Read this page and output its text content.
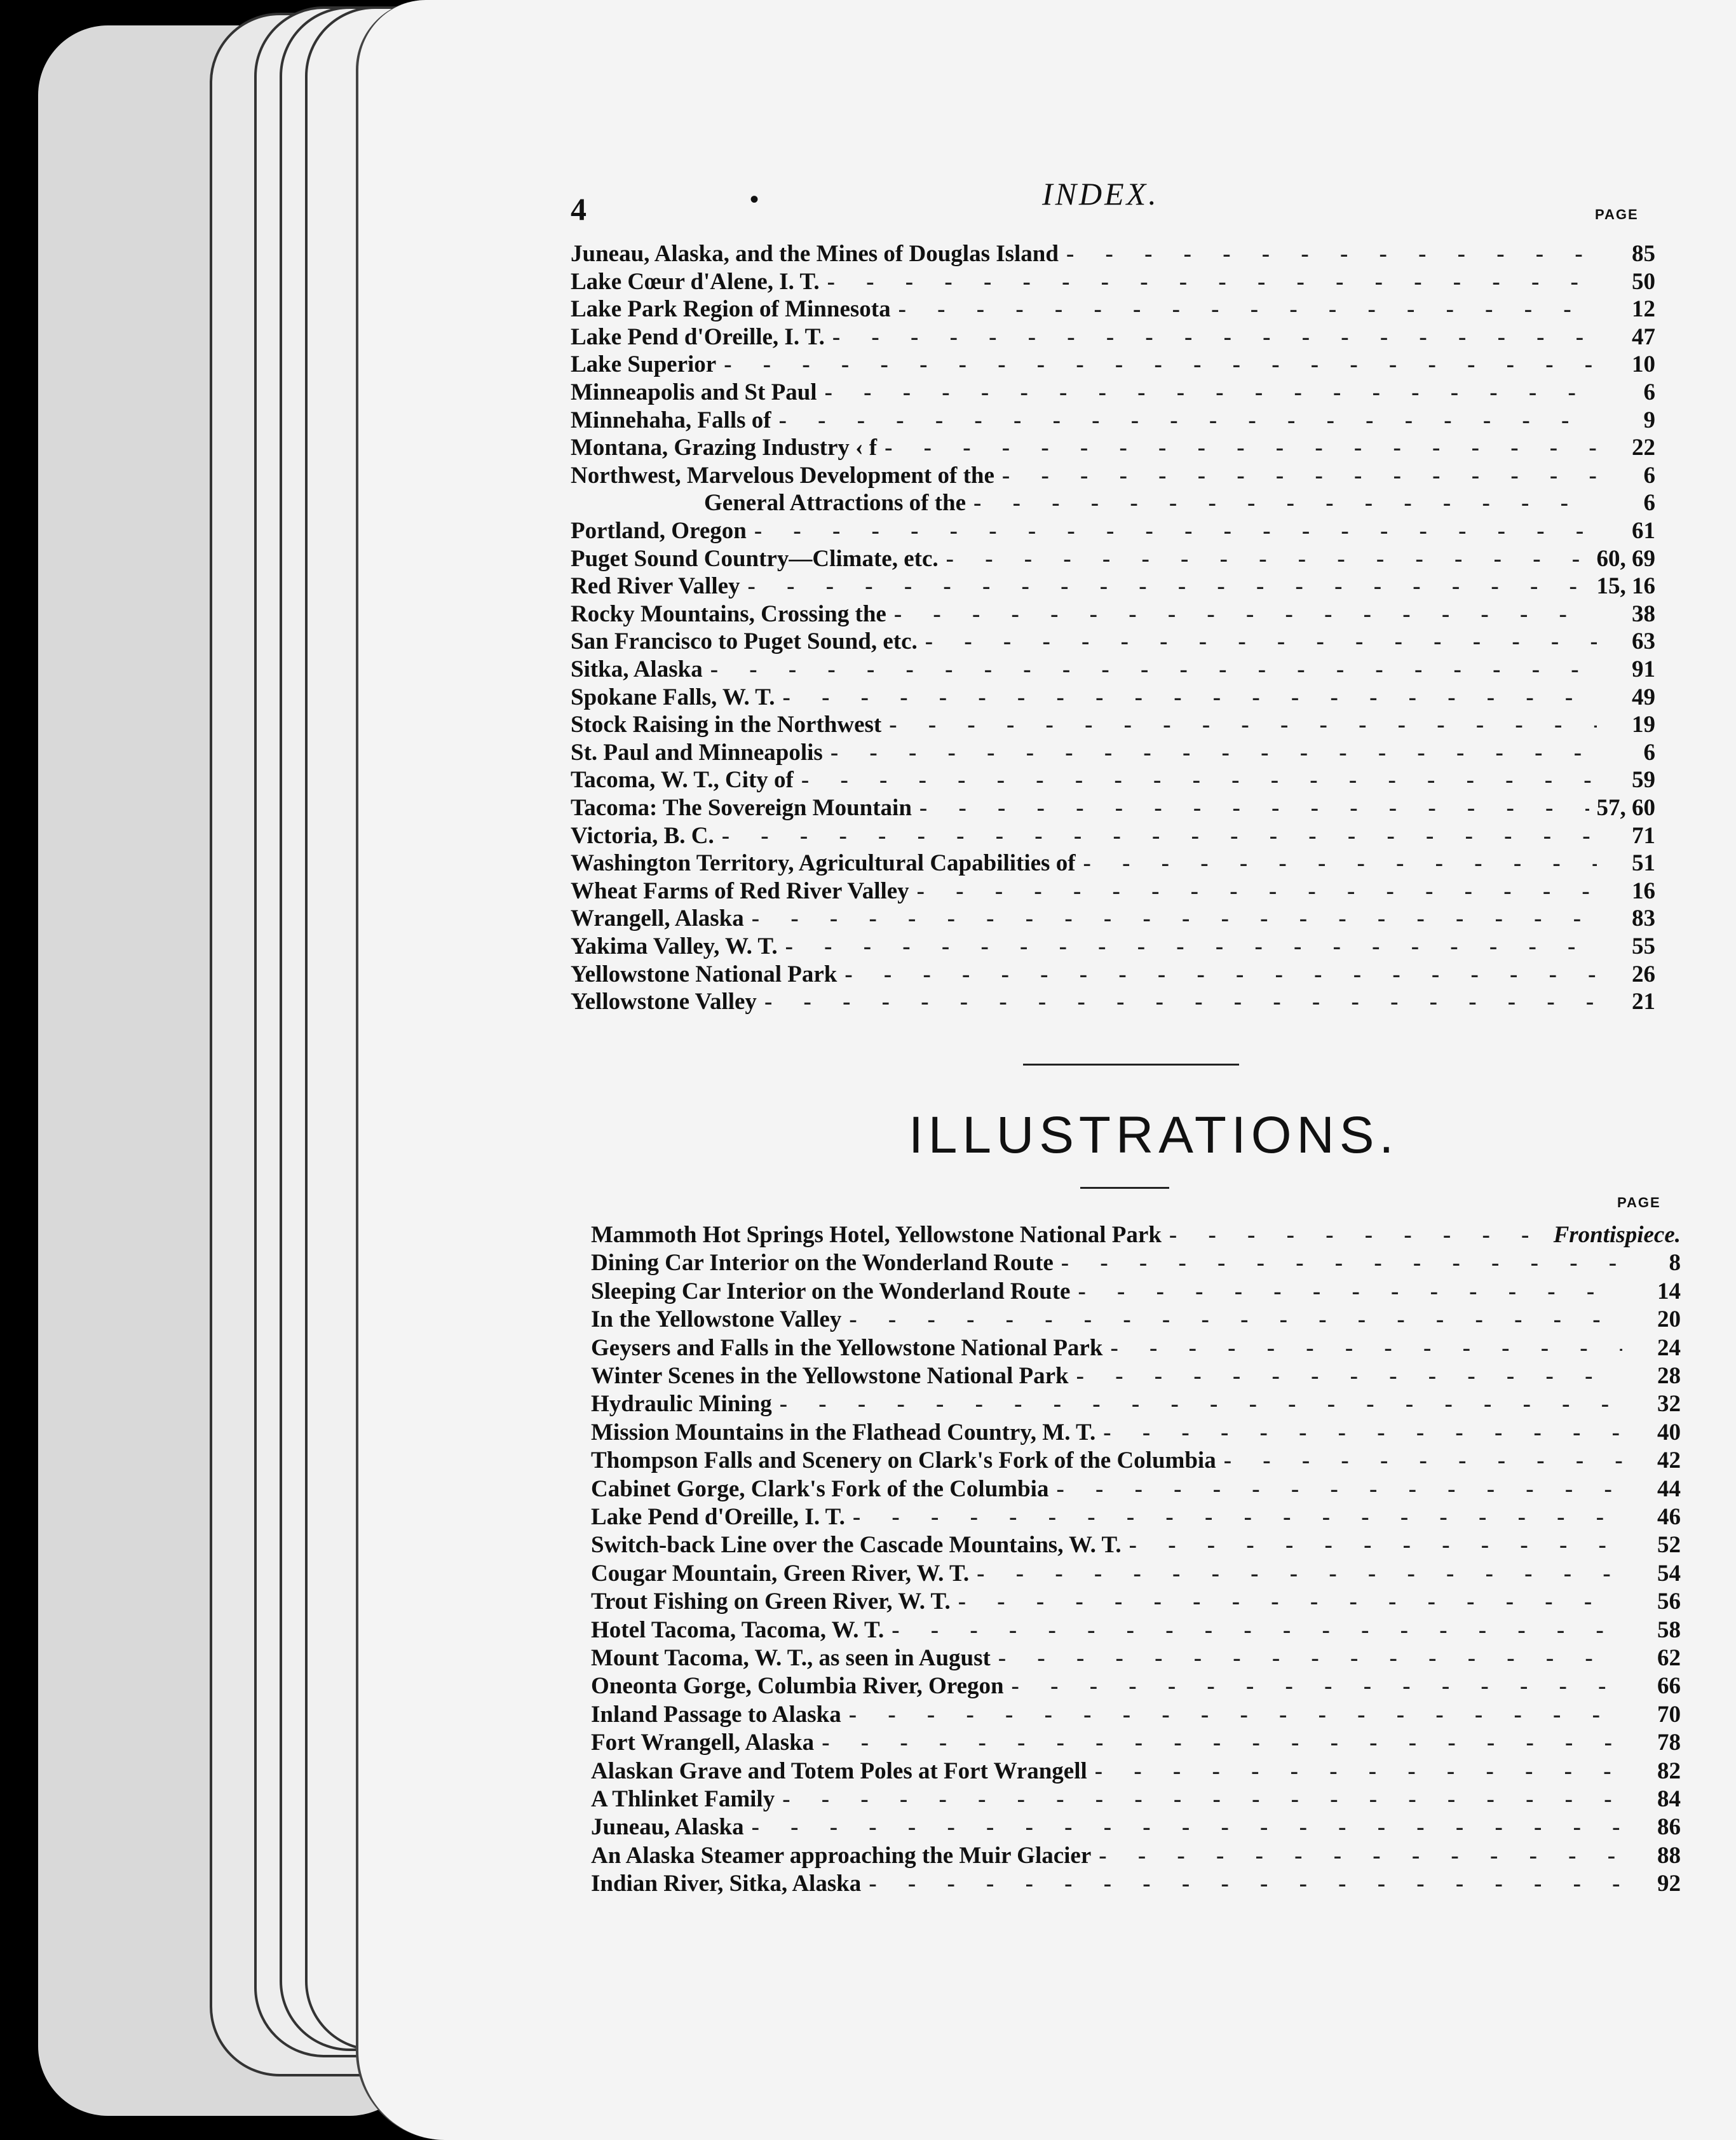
4	•	INDEX.
PAGE
Juneau, Alaska, and the Mines of Douglas Island - - -	85
Lake Cœur d'Alene, I. T. - - -	50
Lake Park Region of Minnesota - - -	12
Lake Pend d'Oreille, I. T. - - -	47
Lake Superior - - -	10
Minneapolis and St Paul - - -	6
Minnehaha, Falls of - - -	9
Montana, Grazing Industry ‹ f - - -	22
Northwest, Marvelous Development of the - - -	6
General Attractions of the - - -	6
Portland, Oregon - - -	61
Puget Sound Country—Climate, etc. - - -	60, 69
Red River Valley - - -	15, 16
Rocky Mountains, Crossing the - - -	38
San Francisco to Puget Sound, etc. - - -	63
Sitka, Alaska - - -	91
Spokane Falls, W. T. - - -	49
Stock Raising in the Northwest - - -	19
St. Paul and Minneapolis - - -	6
Tacoma, W. T., City of - - -	59
Tacoma: The Sovereign Mountain - - -	57, 60
Victoria, B. C. - - -	71
Washington Territory, Agricultural Capabilities of - - -	51
Wheat Farms of Red River Valley - - -	16
Wrangell, Alaska - - -	83
Yakima Valley, W. T. - - -	55
Yellowstone National Park - - -	26
Yellowstone Valley - - -	21
ILLUSTRATIONS.
PAGE
Mammoth Hot Springs Hotel, Yellowstone National Park - - -	Frontispiece.
Dining Car Interior on the Wonderland Route - - -	8
Sleeping Car Interior on the Wonderland Route - - -	14
In the Yellowstone Valley - - -	20
Geysers and Falls in the Yellowstone National Park - - -	24
Winter Scenes in the Yellowstone National Park - - -	28
Hydraulic Mining - - -	32
Mission Mountains in the Flathead Country, M. T. - - -	40
Thompson Falls and Scenery on Clark's Fork of the Columbia - - -	42
Cabinet Gorge, Clark's Fork of the Columbia - - -	44
Lake Pend d'Oreille, I. T. - - -	46
Switch-back Line over the Cascade Mountains, W. T. - - -	52
Cougar Mountain, Green River, W. T. - - -	54
Trout Fishing on Green River, W. T. - - -	56
Hotel Tacoma, Tacoma, W. T. - - -	58
Mount Tacoma, W. T., as seen in August - - -	62
Oneonta Gorge, Columbia River, Oregon - - -	66
Inland Passage to Alaska - - -	70
Fort Wrangell, Alaska - - -	78
Alaskan Grave and Totem Poles at Fort Wrangell - - -	82
A Thlinket Family - - -	84
Juneau, Alaska - - -	86
An Alaska Steamer approaching the Muir Glacier - - -	88
Indian River, Sitka, Alaska - - -	92
